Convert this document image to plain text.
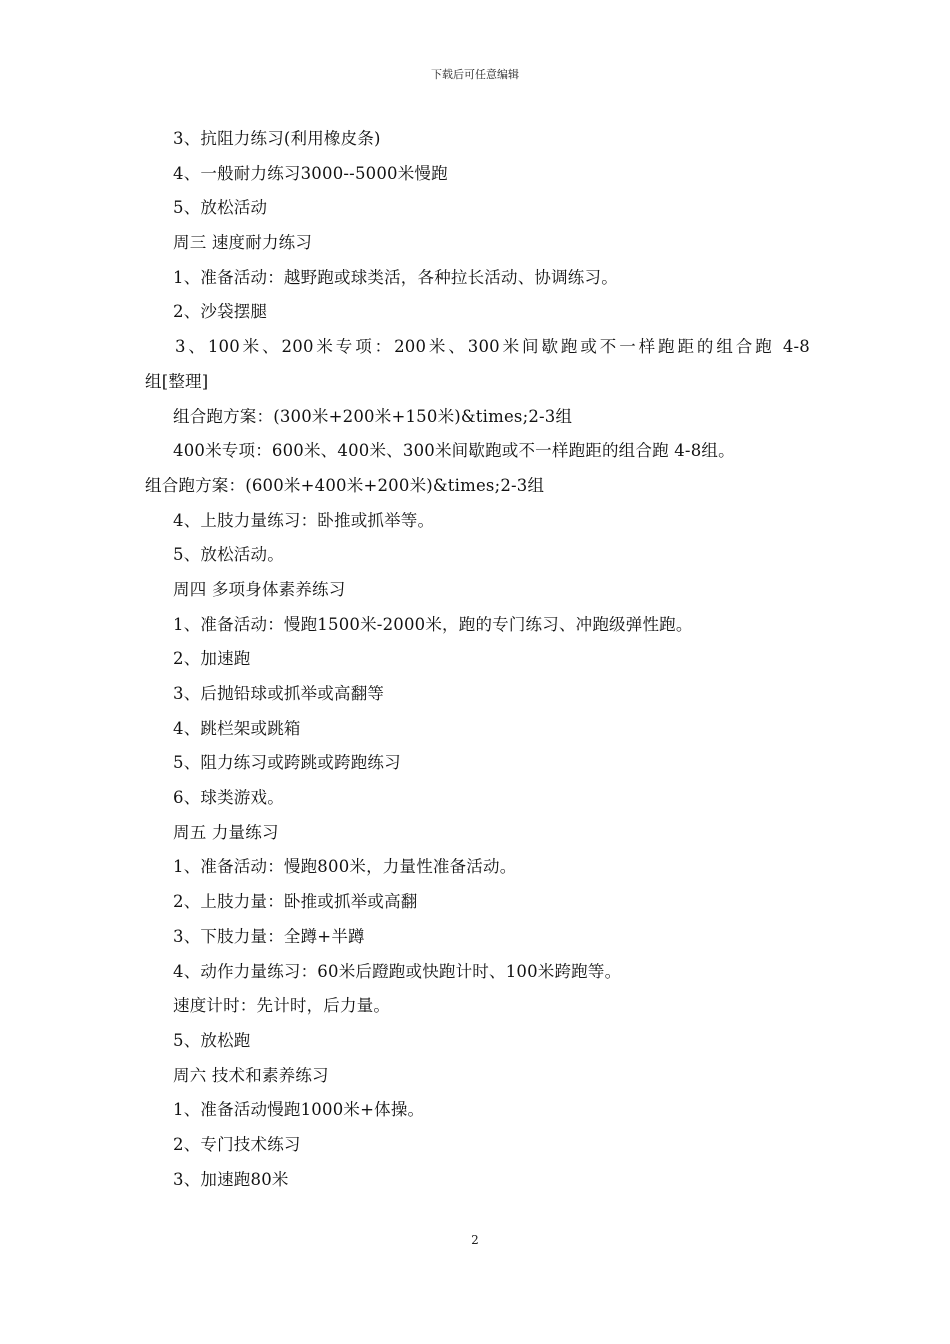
下载后可任意编辑
3、抗阻力练习(利用橡皮条)
4、一般耐力练习3000--5000米慢跑
5、放松活动
周三 速度耐力练习
1、准备活动：越野跑或球类活，各种拉长活动、协调练习。
2、沙袋摆腿
3、100米、200米专项：200米、300米间歇跑或不一样跑距的组合跑 4-8
组[整理]
组合跑方案：(300米+200米+150米)&times;2-3组
400米专项：600米、400米、300米间歇跑或不一样跑距的组合跑 4-8组。
组合跑方案：(600米+400米+200米)&times;2-3组
4、上肢力量练习：卧推或抓举等。
5、放松活动。
周四 多项身体素养练习
1、准备活动：慢跑1500米-2000米，跑的专门练习、冲跑级弹性跑。
2、加速跑
3、后抛铅球或抓举或高翻等
4、跳栏架或跳箱
5、阻力练习或跨跳或跨跑练习
6、球类游戏。
周五 力量练习
1、准备活动：慢跑800米，力量性准备活动。
2、上肢力量：卧推或抓举或高翻
3、下肢力量：全蹲+半蹲
4、动作力量练习：60米后蹬跑或快跑计时、100米跨跑等。
速度计时：先计时，后力量。
5、放松跑
周六 技术和素养练习
1、准备活动慢跑1000米+体操。
2、专门技术练习
3、加速跑80米
2
